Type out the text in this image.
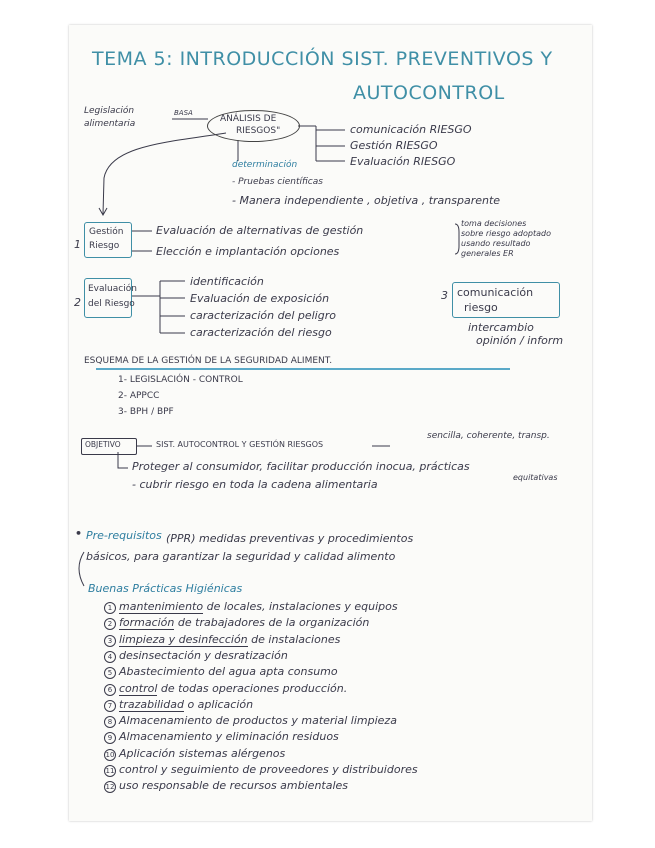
TEMA 5: INTRODUCCIÓN SIST. PREVENTIVOS Y
AUTOCONTROL
Legislación
alimentaria
BASA
ANÁLISIS DE
RIESGOS"	comunicación RIESGO
Gestión RIESGO
Evaluación RIESGO
determinación
- Pruebas científicas
- Manera independiente , objetiva , transparente
1
Gestión
Riesgo
Evaluación de alternativas de gestión
Elección e implantación opciones
toma decisiones
sobre riesgo adoptado
usando resultado
generales ER
2
Evaluación
del Riesgo
identificación
Evaluación de exposición
caracterización del peligro
caracterización del riesgo
3 comunicación
riesgo
intercambio
opinión / inform
ESQUEMA DE LA GESTIÓN DE LA SEGURIDAD ALIMENT.
1- LEGISLACIÓN - CONTROL
2- APPCC
3- BPH / BPF
OBJETIVO	SIST. AUTOCONTROL Y GESTIÓN RIESGOS
sencilla, coherente, transp.
Proteger al consumidor, facilitar producción inocua, prácticas
equitativas
- cubrir riesgo en toda la cadena alimentaria
• Pre-requisitos (PPR) medidas preventivas y procedimientos
básicos, para garantizar la seguridad y calidad alimento
Buenas Prácticas Higiénicas
1 mantenimiento de locales, instalaciones y equipos
2 formación de trabajadores de la organización
3 limpieza y desinfección de instalaciones
4 desinsectación y desratización
5 Abastecimiento del agua apta consumo
6 control de todas operaciones producción.
7 trazabilidad o aplicación
8 Almacenamiento de productos y material limpieza
9 Almacenamiento y eliminación residuos
10 Aplicación sistemas alérgenos
11 control y seguimiento de proveedores y distribuidores
12 uso responsable de recursos ambientales
